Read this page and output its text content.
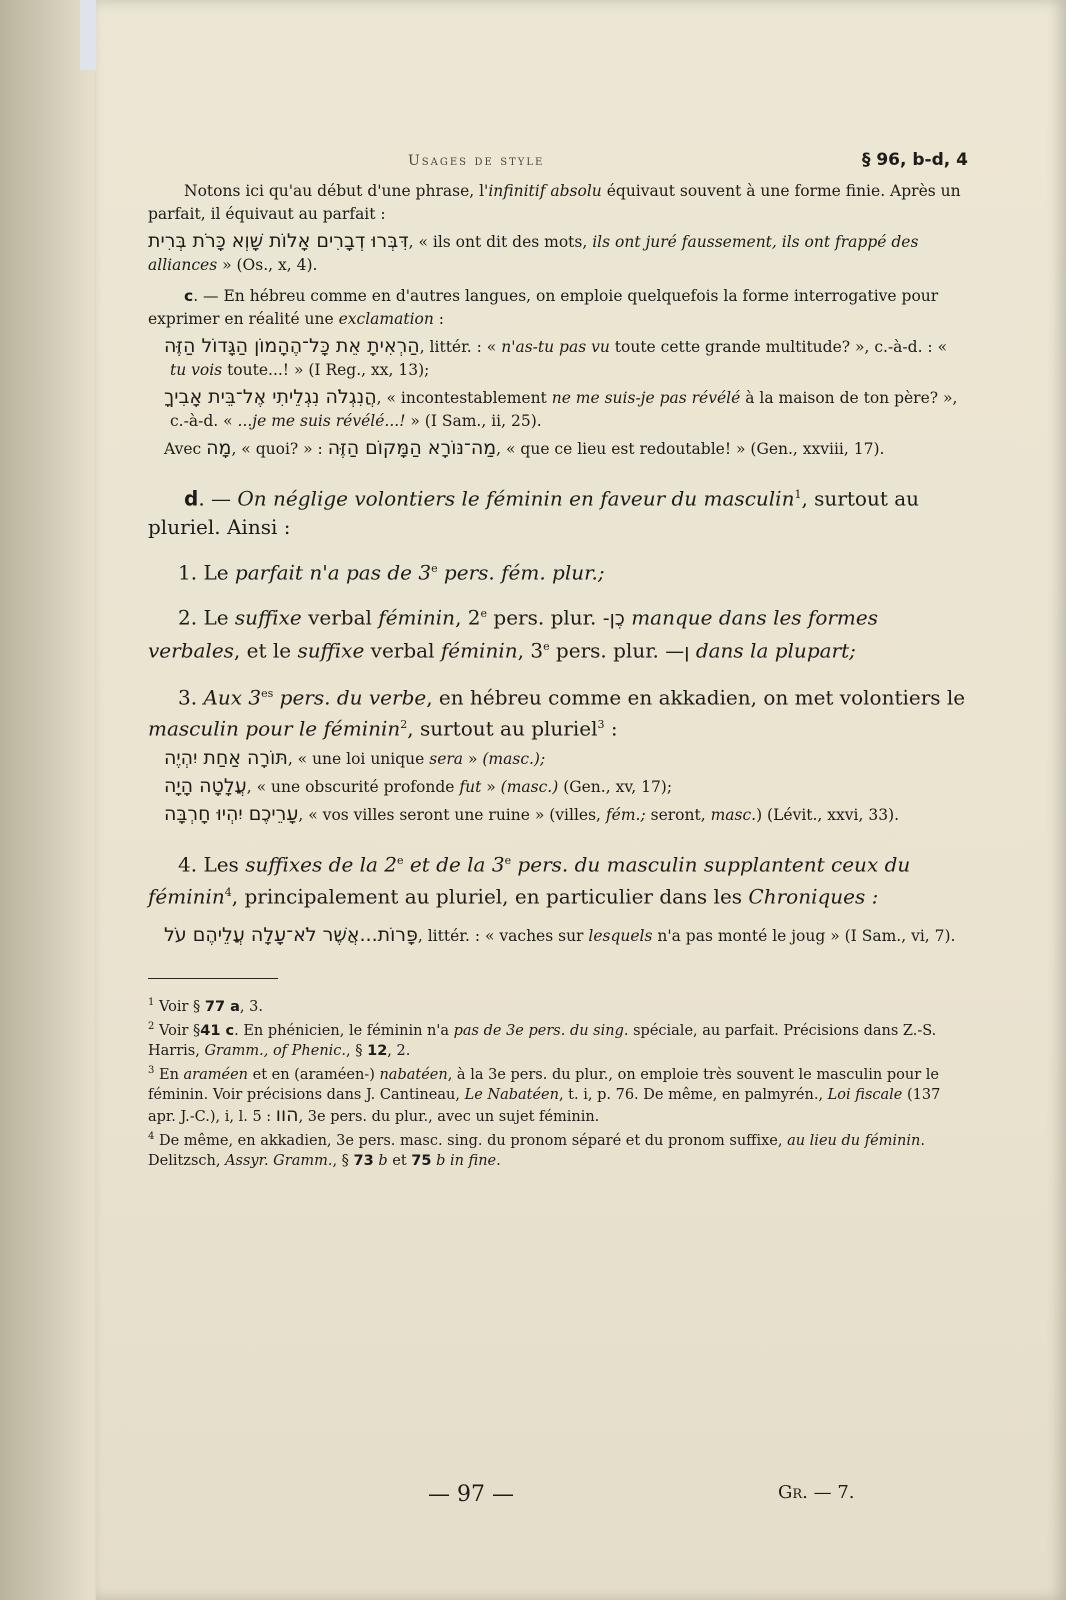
Usages de style	§ 96, b-d, 4

Notons ici qu'au début d'une phrase, l'infinitif absolu équivaut souvent à une forme finie. Après un parfait, il équivaut au parfait :

דִּבְּרוּ דְבָרִים אָלוֹת שָׁוְא כָּרֹת בְּרִית, « ils ont dit des mots, ils ont juré faussement, ils ont frappé des alliances » (Os., x, 4).

c. — En hébreu comme en d'autres langues, on emploie quelquefois la forme interrogative pour exprimer en réalité une exclamation :

הַרְאִיתָ אֵת כָּל־הֶהָמוֹן הַגָּדוֹל הַזֶּה, littér. : « n'as-tu pas vu toute cette grande multitude? », c.-à-d. : « tu vois toute...! » (I Reg., xx, 13);

הֲנִגְלֹה נִגְלֵיתִי אֶל־בֵּית אָבִיךָ, « incontestablement ne me suis-je pas révélé à la maison de ton père? », c.-à-d. « ...je me suis révélé...! » (I Sam., ii, 25).

Avec מָה, « quoi? » : מַה־נּוֹרָא הַמָּקוֹם הַזֶּה, « que ce lieu est redoutable! » (Gen., xxviii, 17).

d. — On néglige volontiers le féminin en faveur du masculin$^1$, surtout au pluriel. Ainsi :

1. Le parfait n'a pas de 3e pers. fém. plur.;

2. Le suffixe verbal féminin, 2e pers. plur. כֶן- manque dans les formes verbales, et le suffixe verbal féminin, 3e pers. plur. ן— dans la plupart;

3. Aux $3^{es}$ pers. du verbe, en hébreu comme en akkadien, on met volontiers le masculin pour le féminin$^2$, surtout au pluriel$^3$ :

תּוֹרָה אַחַת יִהְיֶה, « une loi unique sera » (masc.);

עֲלָטָה הָיָה, « une obscurité profonde fut » (masc.) (Gen., xv, 17);

עָרֵיכֶם יִהְיוּ חָרְבָּה, « vos villes seront une ruine » (villes, fém.; seront, masc.) (Lévit., xxvi, 33).

4. Les suffixes de la 2e et de la 3e pers. du masculin supplantent ceux du féminin$^4$, principalement au pluriel, en particulier dans les Chroniques :

פָּרוֹת...אֲשֶׁר לֹא־עָלָה עֲלֵיהֶם עֹל, littér. : « vaches sur lesquels n'a pas monté le joug » (I Sam., vi, 7).

$^1$ Voir § 77 a, 3.

$^2$ Voir §41 c. En phénicien, le féminin n'a pas de 3e pers. du sing. spéciale, au parfait. Précisions dans Z.-S. Harris, Gramm., of Phenic., § 12, 2.

$^3$ En araméen et en (araméen-) nabatéen, à la 3e pers. du plur., on emploie très souvent le masculin pour le féminin. Voir précisions dans J. Cantineau, Le Nabatéen, t. i, p. 76. De même, en palmyrén., Loi fiscale (137 apr. J.-C.), i, l. 5 : הוו, 3e pers. du plur., avec un sujet féminin.

$^4$ De même, en akkadien, 3e pers. masc. sing. du pronom séparé et du pronom suffixe, au lieu du féminin. Delitzsch, Assyr. Gramm., § 73 b et 75 b in fine.

— 97 —	Gr. — 7.
